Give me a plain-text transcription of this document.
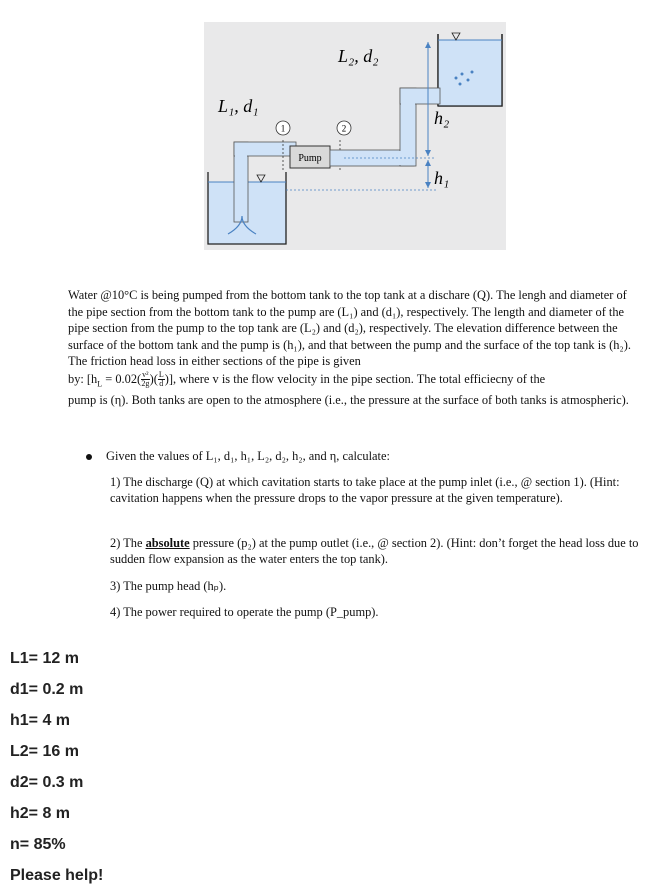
1	2
Pump
L₁, d₁
L₂, d₂
h₂
h₁

Water @10°C is being pumped from the bottom tank to the top tank at a dischare (Q). The lengh and diameter of the pipe section from the bottom tank to the pump are (L₁) and (d₁), respectively. The length and diameter of the pipe section from the pump to the top tank are (L₂) and (d₂), respectively. The elevation difference between the surface of the bottom tank and the pump is (h₁), and that between the pump and the surface of the top tank is (h₂). The friction head loss in either sections of the pipe is given

by: [$h_L = 0.02( \frac{\text{v²}}{2g}$ )( $\frac{L}{d}$ )], where v is the flow velocity in the pipe section. The total efficiecny of the

pump is (η). Both tanks are open to the atmosphere (i.e., the pressure at the surface of both tanks is atmospheric).

Given the values of L₁, d₁, h₁, L₂, d₂, h₂, and η, calculate:
1) The discharge (Q) at which cavitation starts to take place at the pump inlet (i.e., @ section 1). (Hint: cavitation happens when the pressure drops to the vapor pressure at the given temperature).
2) The absolute pressure (p₂) at the pump outlet (i.e., @ section 2). (Hint: don’t forget the head loss due to sudden flow expansion as the water enters the top tank).
3) The pump head (hₚ).
4) The power required to operate the pump (P_pump).
L1= 12 m
d1= 0.2 m
h1= 4 m
L2= 16 m
d2= 0.3 m
h2= 8 m
n= 85%
Please help!
